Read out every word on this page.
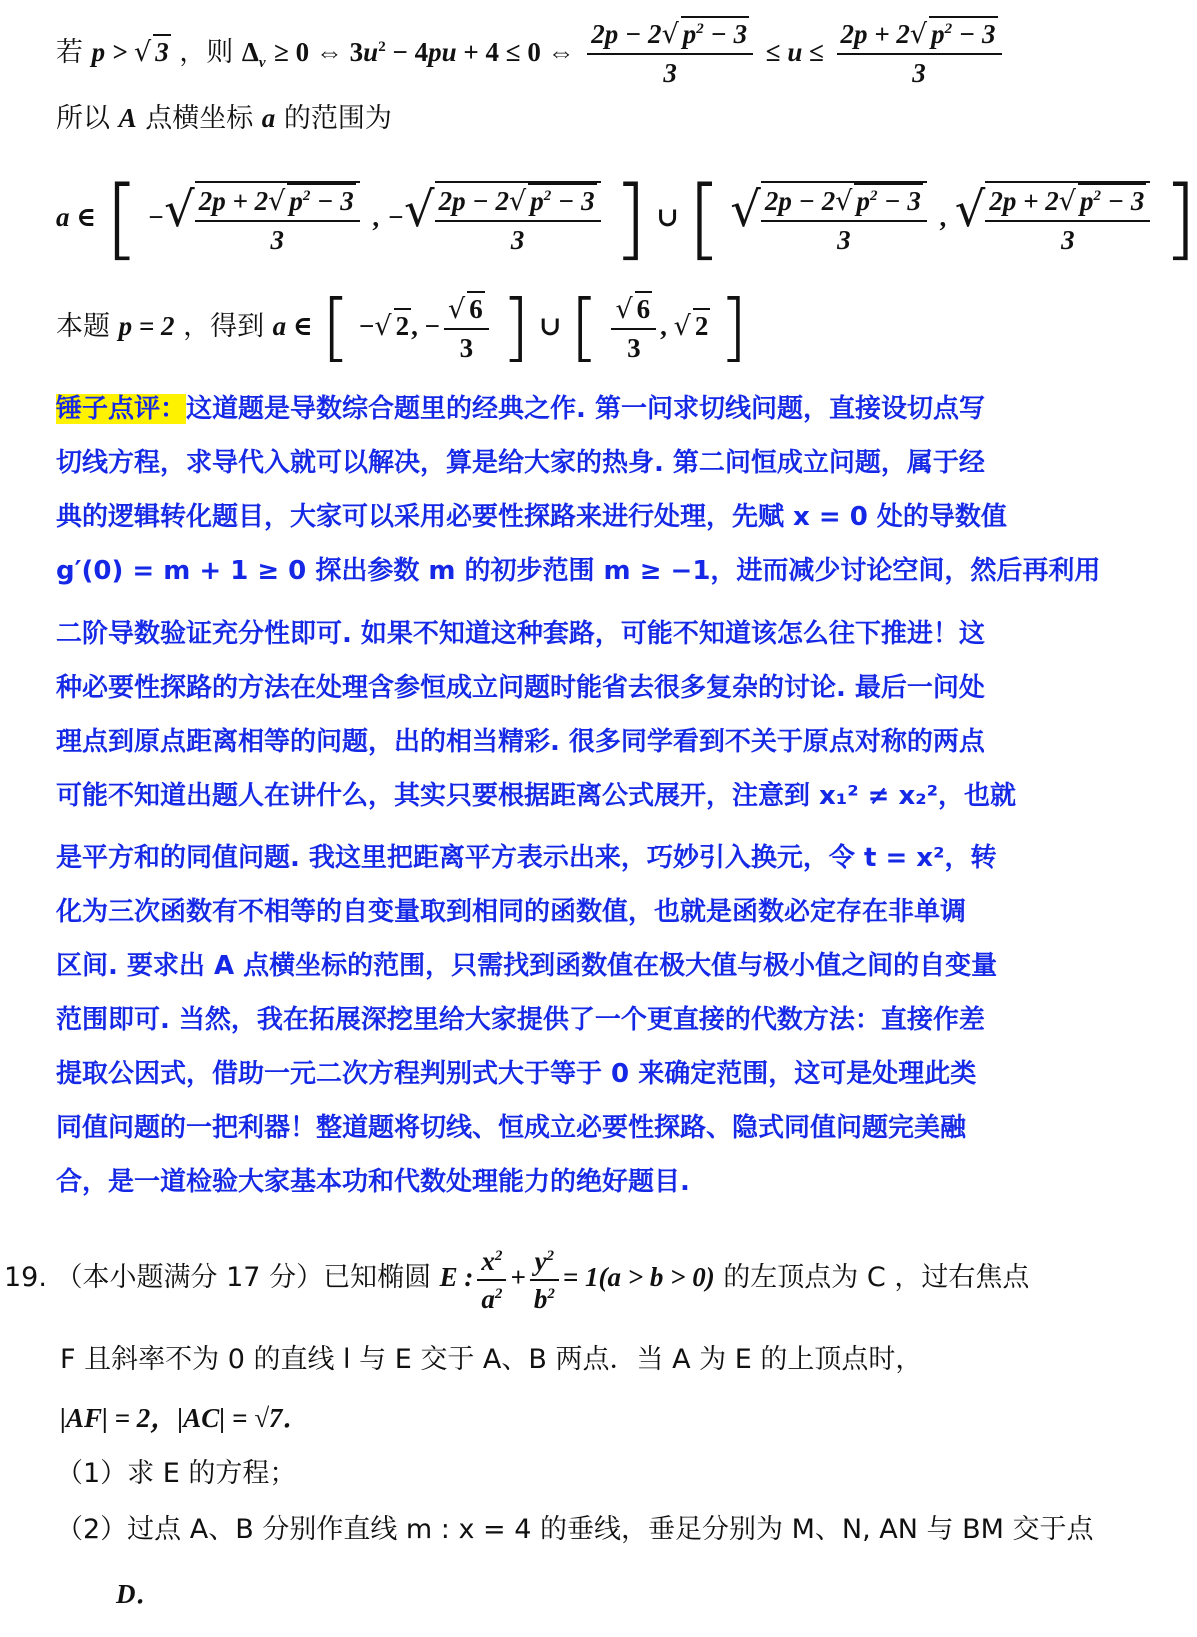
若 p > √ 3 ，则 $\Delta_v \ge 0$ ⇔ $3u^2 - 4pu + 4 \le 0$ ⇔ $\frac{2p - 2√ p^2 - 3}{3} \le u \le \frac{2p + 2√ p^2 - 3}{3}$
所以 A 点横坐标 a 的范围为
a ∈ [ −√ $\frac{2p + 2√ p^2 - 3}{3}$ , −√ $\frac{2p - 2√ p^2 - 3}{3}$ ] ∪ [ √ $\frac{2p - 2√ p^2 - 3}{3}$ , √ $\frac{2p + 2√ p^2 - 3}{3}$ ]
本题 p = 2 ，得到 a ∈ [ −√ 2, − $\frac{√ 6}{3}$ ] ∪ [ $\frac{√ 6}{3}$ , √ 2 ]
锤子点评：这道题是导数综合题里的经典之作. 第一问求切线问题，直接设切点写
切线方程，求导代入就可以解决，算是给大家的热身. 第二问恒成立问题，属于经
典的逻辑转化题目，大家可以采用必要性探路来进行处理，先赋 x = 0 处的导数值
g′(0) = m + 1 ≥ 0 探出参数 m 的初步范围 m ≥ −1，进而减少讨论空间，然后再利用
二阶导数验证充分性即可. 如果不知道这种套路，可能不知道该怎么往下推进！这
种必要性探路的方法在处理含参恒成立问题时能省去很多复杂的讨论. 最后一问处
理点到原点距离相等的问题，出的相当精彩. 很多同学看到不关于原点对称的两点
可能不知道出题人在讲什么，其实只要根据距离公式展开，注意到 x₁² ≠ x₂²，也就
是平方和的同值问题. 我这里把距离平方表示出来，巧妙引入换元，令 t = x²，转
化为三次函数有不相等的自变量取到相同的函数值，也就是函数必定存在非单调
区间. 要求出 A 点横坐标的范围，只需找到函数值在极大值与极小值之间的自变量
范围即可. 当然，我在拓展深挖里给大家提供了一个更直接的代数方法：直接作差
提取公因式，借助一元二次方程判别式大于等于 0 来确定范围，这可是处理此类
同值问题的一把利器！整道题将切线、恒成立必要性探路、隐式同值问题完美融
合，是一道检验大家基本功和代数处理能力的绝好题目.
19. （本小题满分 17 分）已知椭圆 E : $\frac{x^2}{a^2} + \frac{y^2}{b^2} = 1(a > b > 0)$ 的左顶点为 C ，过右焦点
F 且斜率不为 0 的直线 l 与 E 交于 A、B 两点．当 A 为 E 的上顶点时，
|AF| = 2，|AC| = √7．
（1）求 E 的方程；
（2）过点 A、B 分别作直线 m : x = 4 的垂线，垂足分别为 M、N, AN 与 BM 交于点
D．
